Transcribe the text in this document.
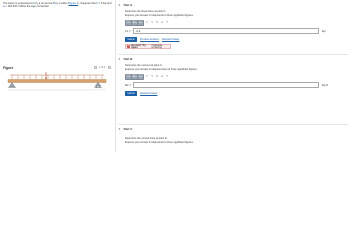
The beam is supported at A by a pin and at B by a roller (Figure 1). Suppose that F = 5 kip and w = 300 lb/ft. Follow the sign convention.
Figure	‹	1 of 1	›
▼ Part A
Determine the shear force at point C.
Express your answer in kilopounds to three significant figures.
□√□ ΑΣφ vec	↶	↷	⟳	▭	?
Vc =	-2.4	kip
Submit	Previous Answers Request Answer
× Incorrect; Try Again;
5 attempts remaining
▼ Part B
Determine the moment at point C.
Express your answer in kilopound-feet to three significant figures.
□√□ ΑΣφ vec	↶	↷	⟳	▭	?
Mc =	kip·ft
Submit	Request Answer
▼ Part C
Determine the normal force at point D.
Express your answer in kilopounds to three significant figures.
